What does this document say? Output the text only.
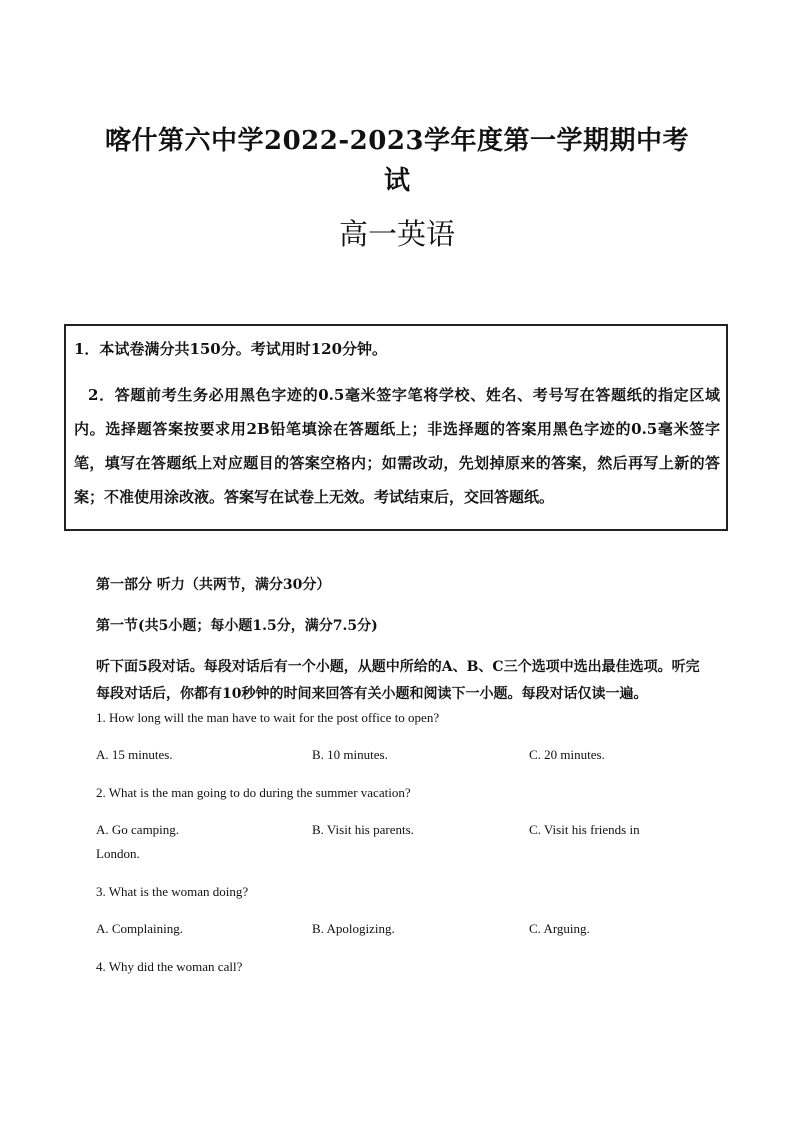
喀什第六中学2022-2023学年度第一学期期中考
试
高一英语
1．本试卷满分共150分。考试用时120分钟。
2．答题前考生务必用黑色字迹的0.5毫米签字笔将学校、姓名、考号写在答题纸的指定区域内。选择题答案按要求用2B铅笔填涂在答题纸上；非选择题的答案用黑色字迹的0.5毫米签字笔，填写在答题纸上对应题目的答案空格内；如需改动，先划掉原来的答案，然后再写上新的答案；不准使用涂改液。答案写在试卷上无效。考试结束后，交回答题纸。
第一部分 听力（共两节，满分30分）
第一节(共5小题；每小题1.5分，满分7.5分)
听下面5段对话。每段对话后有一个小题，从题中所给的A、B、C三个选项中选出最佳选项。听完每段对话后，你都有10秒钟的时间来回答有关小题和阅读下一小题。每段对话仅读一遍。
1. How long will the man have to wait for the post office to open?
A. 15 minutes.	B. 10 minutes.	C. 20 minutes.
2. What is the man going to do during the summer vacation?
A. Go camping.	B. Visit his parents.	C. Visit his friends in
London.
3. What is the woman doing?
A. Complaining.	B. Apologizing.	C. Arguing.
4. Why did the woman call?
